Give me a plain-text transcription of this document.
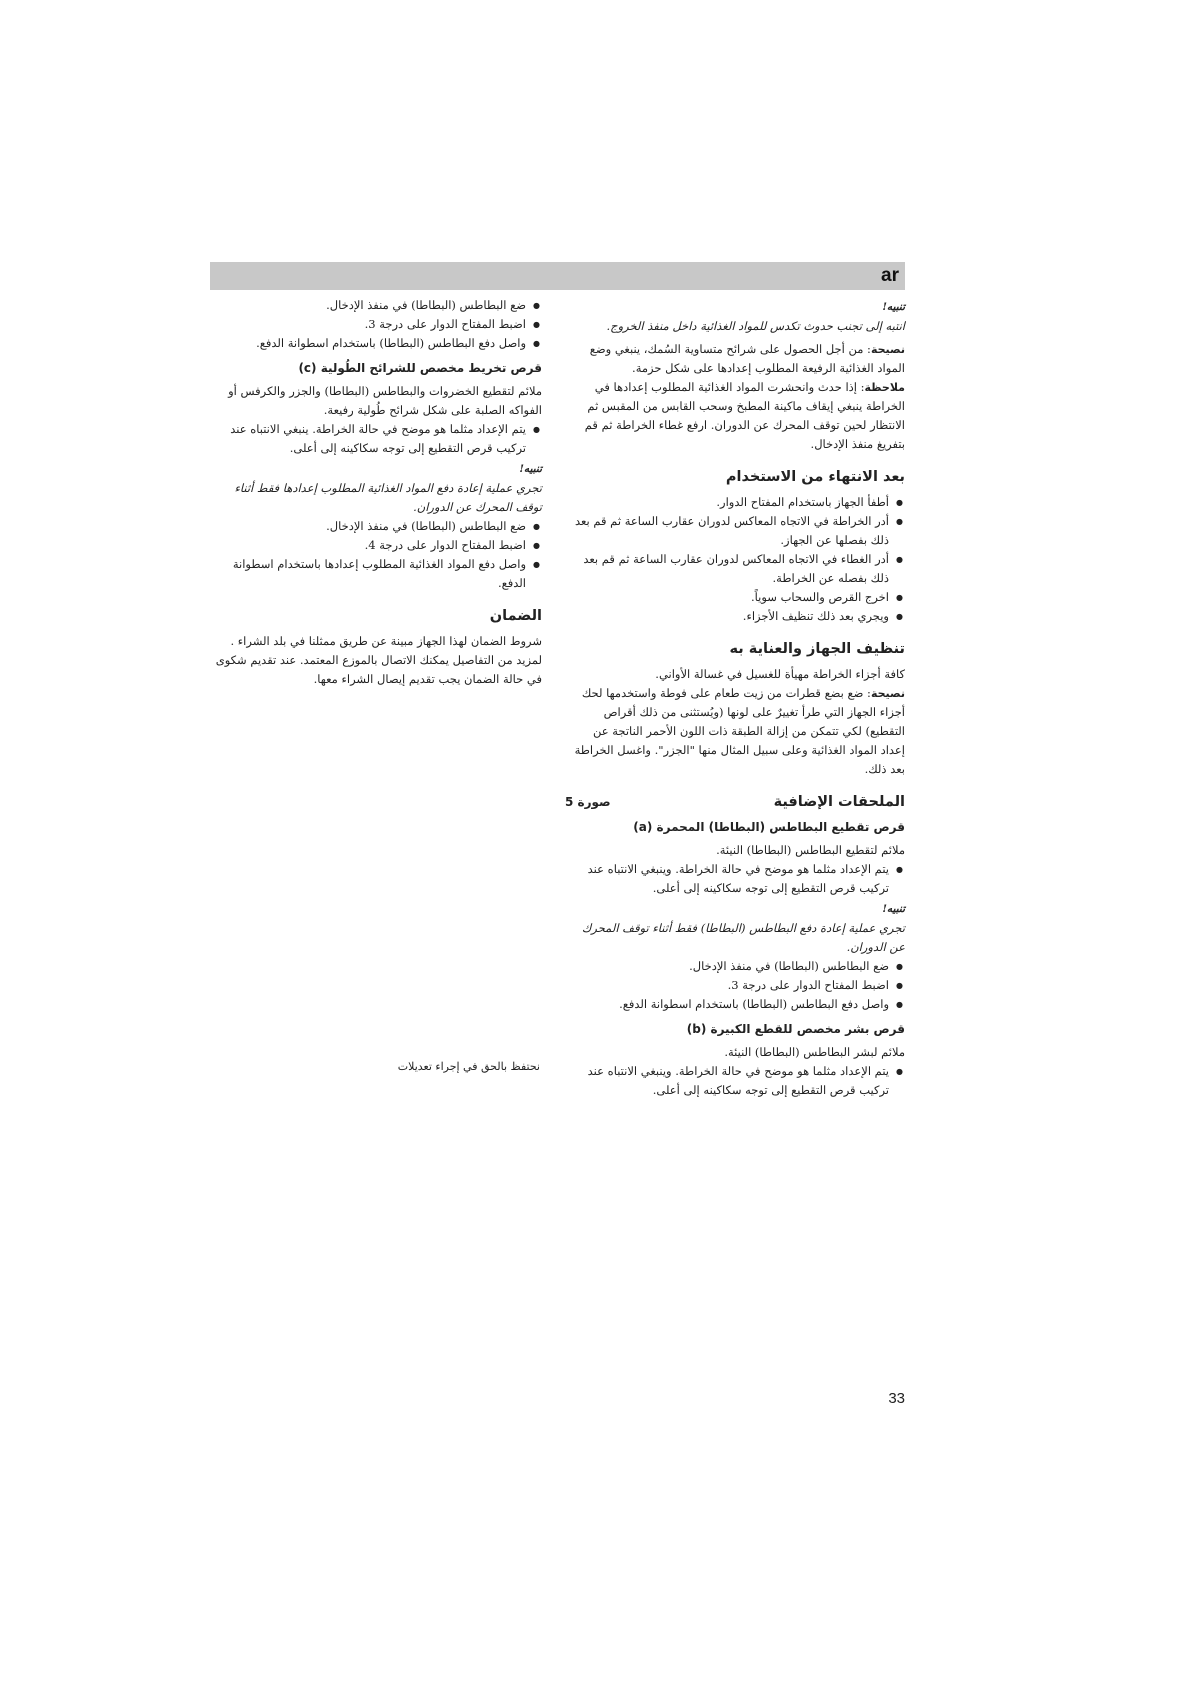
ar

تنبيه!

انتبه إلى تجنب حدوث تكدس للمواد الغذائية داخل منفذ الخروج.

نصيحة: من أجل الحصول على شرائح متساوية السُمك، ينبغي وضع المواد الغذائية الرفيعة المطلوب إعدادها على شكل حزمة.

ملاحظة: إذا حدث وانحشرت المواد الغذائية المطلوب إعدادها في الخراطة ينبغي إيقاف ماكينة المطبخ وسحب القابس من المقبس ثم الانتظار لحين توقف المحرك عن الدوران. ارفع غطاء الخراطة ثم قم بتفريغ منفذ الإدخال.

بعد الانتهاء من الاستخدام

● أطفأ الجهاز باستخدام المفتاح الدوار.
● أدر الخراطة في الاتجاه المعاكس لدوران عقارب الساعة ثم قم بعد ذلك بفصلها عن الجهاز.
● أدر الغطاء في الاتجاه المعاكس لدوران عقارب الساعة ثم قم بعد ذلك بفصله عن الخراطة.
● اخرج القرص والسحاب سوياً.
● ويجري بعد ذلك تنظيف الأجزاء.

تنظيف الجهاز والعناية به

كافة أجزاء الخراطة مهيأة للغسيل في غسالة الأواني.

نصيحة: ضع بضع قطرات من زيت طعام على فوطة واستخدمها لحك أجزاء الجهاز التي طرأ تغييرٌ على لونها (ويُستثنى من ذلك أقراص التقطيع) لكي تتمكن من إزالة الطبقة ذات اللون الأحمر الناتجة عن إعداد المواد الغذائية وعلى سبيل المثال منها "الجزر". واغسل الخراطة بعد ذلك.

الملحقات الإضافية
صورة 5

قرص تقطيع البطاطس (البطاطا) المحمرة (a)

ملائم لتقطيع البطاطس (البطاطا) النيئة.

● يتم الإعداد مثلما هو موضح في حالة الخراطة. وينبغي الانتباه عند تركيب قرص التقطيع إلى توجه سكاكينه إلى أعلى.

تنبيه!

تجري عملية إعادة دفع البطاطس (البطاطا) فقط أثناء توقف المحرك عن الدوران.

● ضع البطاطس (البطاطا) في منفذ الإدخال.
● اضبط المفتاح الدوار على درجة 3.
● واصل دفع البطاطس (البطاطا) باستخدام اسطوانة الدفع.

قرص بشر مخصص للقطع الكبيرة (b)

ملائم لبشر البطاطس (البطاطا) النيئة.

● يتم الإعداد مثلما هو موضح في حالة الخراطة. وينبغي الانتباه عند تركيب قرص التقطيع إلى توجه سكاكينه إلى أعلى.
● ضع البطاطس (البطاطا) في منفذ الإدخال.
● اضبط المفتاح الدوار على درجة 3.
● واصل دفع البطاطس (البطاطا) باستخدام اسطوانة الدفع.

قرص تخريط مخصص للشرائح الطُولية (c)

ملائم لتقطيع الخضروات والبطاطس (البطاطا) والجزر والكرفس أو الفواكه الصلبة على شكل شرائح طُولية رفيعة.

● يتم الإعداد مثلما هو موضح في حالة الخراطة. ينبغي الانتباه عند تركيب قرص التقطيع إلى توجه سكاكينه إلى أعلى.

تنبيه!

تجري عملية إعادة دفع المواد الغذائية المطلوب إعدادها فقط أثناء توقف المحرك عن الدوران.

● ضع البطاطس (البطاطا) في منفذ الإدخال.
● اضبط المفتاح الدوار على درجة 4.
● واصل دفع المواد الغذائية المطلوب إعدادها باستخدام اسطوانة الدفع.

الضمان

شروط الضمان لهذا الجهاز مبينة عن طريق ممثلنا في بلد الشراء . لمزيد من التفاصيل يمكنك الاتصال بالموزع المعتمد. عند تقديم شكوى في حالة الضمان يجب تقديم إيصال الشراء معها.

نحتفظ بالحق في إجراء تعديلات
33
